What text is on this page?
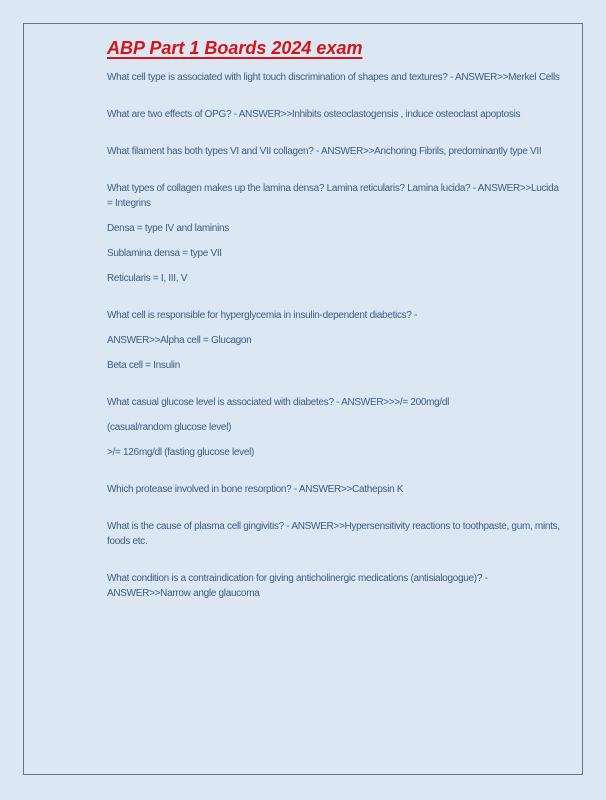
ABP Part 1 Boards 2024 exam

What cell type is associated with light touch discrimination of shapes and textures? - ANSWER>>Merkel Cells

What are two effects of OPG? - ANSWER>>Inhibits osteoclastogensis , induce osteoclast apoptosis

What filament has both types VI and VII collagen? - ANSWER>>Anchoring Fibrils, predominantly type VII

What types of collagen makes up the lamina densa? Lamina reticularis? Lamina lucida? - ANSWER>>Lucida = Integrins

Densa = type IV and laminins

Sublamina densa = type VII

Reticularis = I, III, V

What cell is responsible for hyperglycemia in insulin-dependent diabetics? -

ANSWER>>Alpha cell = Glucagon

Beta cell = Insulin

What casual glucose level is associated with diabetes? - ANSWER>>>/= 200mg/dl

(casual/random glucose level)

>/= 126mg/dl (fasting glucose level)

Which protease involved in bone resorption? - ANSWER>>Cathepsin K

What is the cause of plasma cell gingivitis? - ANSWER>>Hypersensitivity reactions to toothpaste, gum, mints, foods etc.

What condition is a contraindication for giving anticholinergic medications (antisialogogue)? - ANSWER>>Narrow angle glaucoma
